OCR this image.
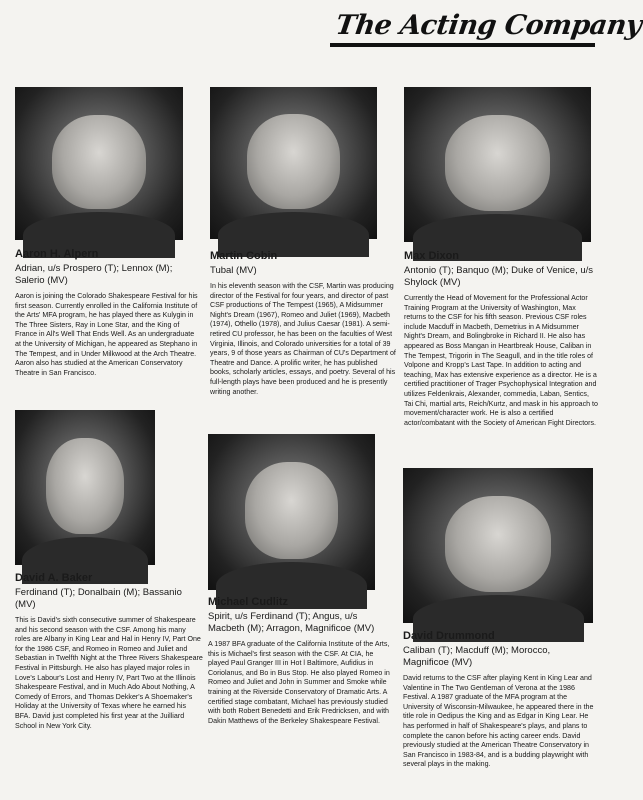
The Acting Company
Aaron H. Alpern
Adrian, u/s Prospero (T); Lennox (M); Salerio (MV)

Aaron is joining the Colorado Shakespeare Festival for his first season. Currently enrolled in the California Institute of the Arts' MFA program, he has played there as Kulygin in The Three Sisters, Ray in Lone Star, and the King of France in All's Well That Ends Well. As an undergraduate at the University of Michigan, he appeared as Stephano in The Tempest, and in Under Milkwood at the Arch Theatre. Aaron also has studied at the American Conservatory Theatre in San Francisco.

Martin Cobin
Tubal (MV)

In his eleventh season with the CSF, Martin was producing director of the Festival for four years, and director of past CSF productions of The Tempest (1965), A Midsummer Night's Dream (1967), Romeo and Juliet (1969), Macbeth (1974), Othello (1978), and Julius Caesar (1981). A semi-retired CU professor, he has been on the faculties of West Virginia, Illinois, and Colorado universities for a total of 39 years, 9 of those years as Chairman of CU's Department of Theatre and Dance. A prolific writer, he has published books, scholarly articles, essays, and poetry. Several of his full-length plays have been produced and he is presently writing another.

Max Dixon
Antonio (T); Banquo (M); Duke of Venice, u/s Shylock (MV)

Currently the Head of Movement for the Professional Actor Training Program at the University of Washington, Max returns to the CSF for his fifth season. Previous CSF roles include Macduff in Macbeth, Demetrius in A Midsummer Night's Dream, and Bolingbroke in Richard II. He also has appeared as Boss Mangan in Heartbreak House, Caliban in The Tempest, Trigorin in The Seagull, and in the title roles of Volpone and Kropp's Last Tape. In addition to acting and teaching, Max has extensive experience as a director. He is a certified practitioner of Trager Psychophysical Integration and utilizes Feldenkrais, Alexander, commedia, Laban, Sentics, Tai Chi, martial arts, Reich/Kurtz, and mask in his approach to movement/character work. He is also a certified actor/combatant with the Society of American Fight Directors.

David A. Baker
Ferdinand (T); Donalbain (M); Bassanio (MV)

This is David's sixth consecutive summer of Shakespeare and his second season with the CSF. Among his many roles are Albany in King Lear and Hal in Henry IV, Part One for the 1986 CSF, and Romeo in Romeo and Juliet and Sebastian in Twelfth Night at the Three Rivers Shakespeare Festival in Pittsburgh. He also has played major roles in Love's Labour's Lost and Henry IV, Part Two at the Illinois Shakespeare Festival, and in Much Ado About Nothing, A Comedy of Errors, and Thomas Dekker's A Shoemaker's Holiday at the University of Texas where he earned his BFA. David just completed his first year at the Juilliard School in New York City.

Michael Cudlitz
Spirit, u/s Ferdinand (T); Angus, u/s Macbeth (M); Arragon, Magnificoe (MV)

A 1987 BFA graduate of the California Institute of the Arts, this is Michael's first season with the CSF. At CIA, he played Paul Granger III in Hot l Baltimore, Aufidius in Coriolanus, and Bo in Bus Stop. He also played Romeo in Romeo and Juliet and John in Summer and Smoke while training at the Riverside Conservatory of Dramatic Arts. A certified stage combatant, Michael has previously studied with both Robert Benedetti and Erik Fredricksen, and with Dakin Matthews of the Berkeley Shakespeare Festival.

David Drummond
Caliban (T); Macduff (M); Morocco, Magnificoe (MV)

David returns to the CSF after playing Kent in King Lear and Valentine in The Two Gentleman of Verona at the 1986 Festival. A 1987 graduate of the MFA program at the University of Wisconsin-Milwaukee, he appeared there in the title role in Oedipus the King and as Edgar in King Lear. He has performed in half of Shakespeare's plays, and plans to complete the canon before his acting career ends. David previously studied at the American Theatre Conservatory in San Francisco in 1983-84, and is a budding playwright with several plays in the making.
